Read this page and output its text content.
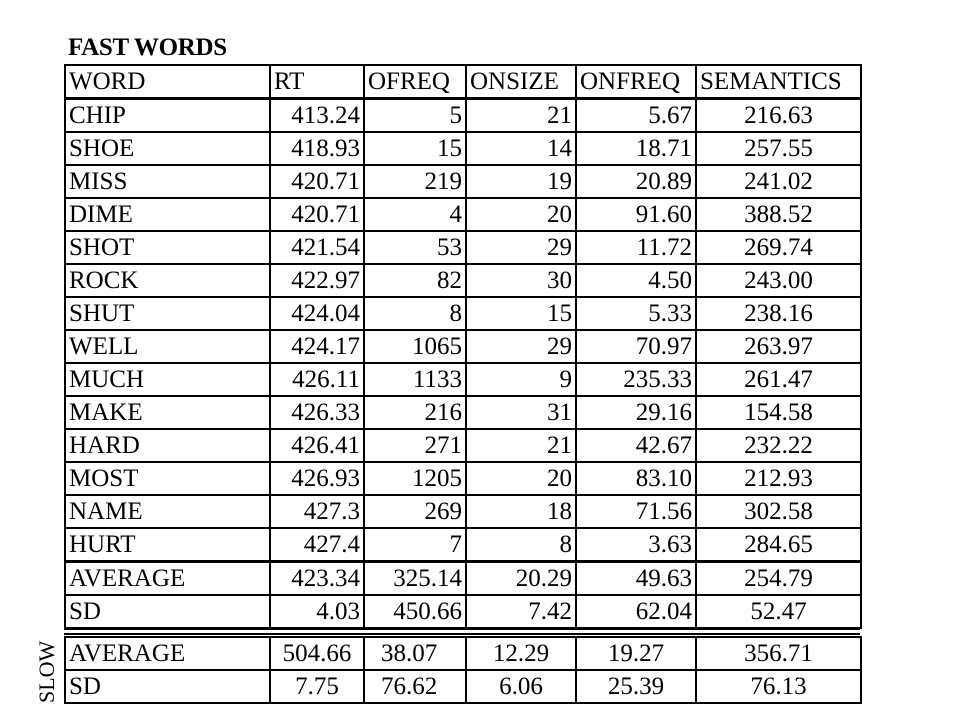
FAST WORDS
WORD	RT	OFREQ	ONSIZE	ONFREQ	SEMANTICS
CHIP	413.24	5	21	5.67	216.63
SHOE	418.93	15	14	18.71	257.55
MISS	420.71	219	19	20.89	241.02
DIME	420.71	4	20	91.60	388.52
SHOT	421.54	53	29	11.72	269.74
ROCK	422.97	82	30	4.50	243.00
SHUT	424.04	8	15	5.33	238.16
WELL	424.17	1065	29	70.97	263.97
MUCH	426.11	1133	9	235.33	261.47
MAKE	426.33	216	31	29.16	154.58
HARD	426.41	271	21	42.67	232.22
MOST	426.93	1205	20	83.10	212.93
NAME	427.3	269	18	71.56	302.58
HURT	427.4	7	8	3.63	284.65
AVERAGE	423.34	325.14	20.29	49.63	254.79
SD	4.03	450.66	7.42	62.04	52.47
AVERAGE	504.66	38.07	12.29	19.27	356.71
SD	7.75	76.62	6.06	25.39	76.13
SLOW
